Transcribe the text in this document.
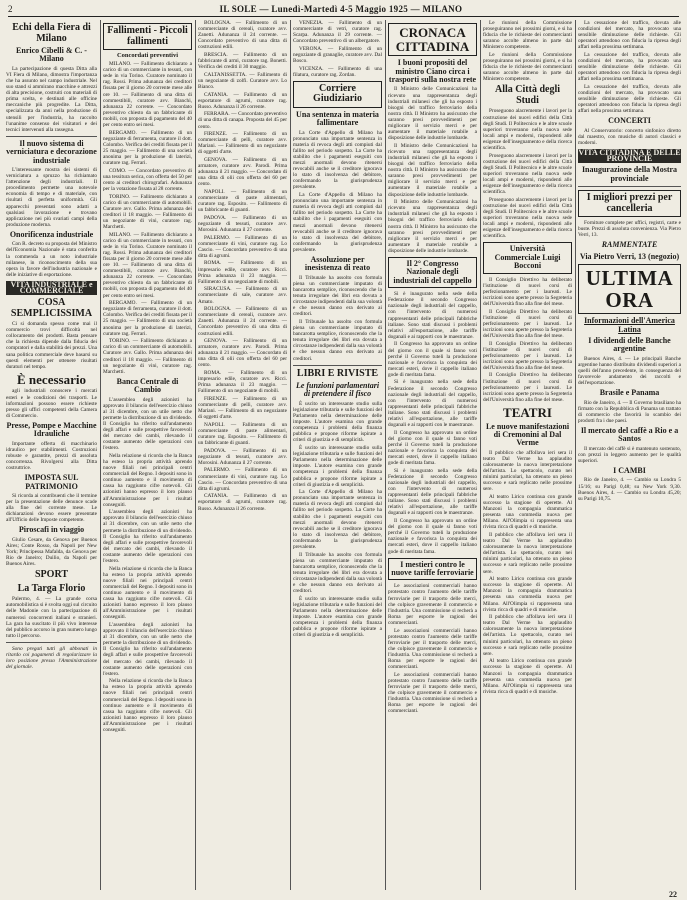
2	IL SOLE — Lunedì-Martedì 4-5 Maggio 1925 — MILANO
Echi della Fiera di Milano
Enrico Cibelli & C. - Milano

La partecipazione di questa Ditta alla VI Fiera di Milano, dimostra l'importanza che ha assunto nel campo industriale. Nel suo stand si ammirano macchine e attrezzi di alta precisione, costruiti con materiali di prima scelta, e destinati alle officine meccaniche più progredite. La Ditta, specializzata da anni nella produzione di utensili per l'industria, ha raccolto l'unanime consenso dei visitatori e dei tecnici intervenuti alla rassegna.

Il nuovo sistema di verniciatura e decorazione industriale

L'interessante mostra dei sistemi di verniciatura a spruzzo ha richiamato l'attenzione degli industriali. Il procedimento permette una notevole economia di tempo e di materiale, con risultati di perfetta uniformità. Gli apparecchi presentati sono adatti a qualsiasi lavorazione e trovano applicazione nei più svariati campi della produzione moderna.

Onorificenza industriale

Con R. decreto su proposta del Ministro dell'Economia Nazionale è stata conferita la commenda a un noto industriale milanese, in riconoscimento della sua opera in favore dell'industria nazionale e delle iniziative di esportazione.

VITA INDUSTRIALE e COMMERCIALE
COSA SEMPLICISSIMA

Ci si domanda spesso come mai il commercio trovi difficoltà nel collocamento dei prodotti. Basta pensare che la richiesta dipende dalla fiducia dei compratori e dalla stabilità dei prezzi. Una sana politica commerciale deve basarsi su questi elementi per ottenere risultati duraturi nel tempo.

È necessario

agli industriali conoscere i mercati esteri e le condizioni dei trasporti. Le informazioni possono essere richieste presso gli uffici competenti della Camera di Commercio.

Presse, Pompe e Macchine Idrauliche

Importante offerta di macchinario idraulico per stabilimenti. Costruzioni robuste e garantite, prezzi di assoluta concorrenza. Rivolgersi alla Ditta costruttrice.

IMPOSTA SUL PATRIMONIO

Si ricorda ai contribuenti che il termine per la presentazione delle denunce scade alla fine del corrente mese. Le dichiarazioni devono essere presentate all'Ufficio delle Imposte competente.

Piroscafi in viaggio

Giulio Cesare, da Genova per Buenos Aires; Conte Rosso, da Napoli per New York; Principessa Mafalda, da Genova per Rio de Janeiro; Duilio, da Napoli per Buenos Aires.

SPORT
La Targa Florio

Palermo, 4. — La grande corsa automobilistica si è svolta oggi sul circuito delle Madonie con la partecipazione di numerosi concorrenti italiani e stranieri. La gara ha suscitato il più vivo interesse del pubblico accorso in gran numero lungo tutto il percorso.

Sono pregati tutti gli abbonati in ritardo coi pagamenti di regolarizzare la loro posizione presso l'Amministrazione del giornale.

Fallimenti - Piccoli fallimenti
Concordati preventivi

MILANO. — Fallimento dichiarato a carico di un commerciante in tessuti, con sede in via Torino. Curatore nominato il rag. Rossi. Prima adunanza dei creditori fissata per il giorno 20 corrente mese alle ore 10. — Fallimento di una ditta di commestibili, curatore avv. Bianchi, adunanza 22 corrente. — Concordato preventivo chiesto da un fabbricante di mobili, con proposta di pagamento del 40 per cento entro sei mesi.

BERGAMO. — Fallimento di un negoziante di ferramenta, curatore il dott. Colombo. Verifica dei crediti fissata per il 25 maggio. — Fallimento di una società anonima per la produzione di laterizi, curatore rag. Ferrari.

COMO. — Concordato preventivo di una tessitura serica, con offerta del 50 per cento ai creditori chirografari. Adunanza per la votazione fissata al 28 corrente.

TORINO. — Fallimento dichiarato a carico di un commerciante di automobili. Curatore avv. Gallo. Prima adunanza dei creditori il 18 maggio. — Fallimento di un negoziante di vini, curatore rag. Marchetti.

MILANO. — Fallimento dichiarato a carico di un commerciante in tessuti, con sede in via Torino. Curatore nominato il rag. Rossi. Prima adunanza dei creditori fissata per il giorno 20 corrente mese alle ore 10. — Fallimento di una ditta di commestibili, curatore avv. Bianchi, adunanza 22 corrente. — Concordato preventivo chiesto da un fabbricante di mobili, con proposta di pagamento del 40 per cento entro sei mesi.

BERGAMO. — Fallimento di un negoziante di ferramenta, curatore il dott. Colombo. Verifica dei crediti fissata per il 25 maggio. — Fallimento di una società anonima per la produzione di laterizi, curatore rag. Ferrari.

TORINO. — Fallimento dichiarato a carico di un commerciante di automobili. Curatore avv. Gallo. Prima adunanza dei creditori il 18 maggio. — Fallimento di un negoziante di vini, curatore rag. Marchetti.

Banca Centrale di Cambio

L'assemblea degli azionisti ha approvato il bilancio dell'esercizio chiuso al 31 dicembre, con un utile netto che permette la distribuzione di un dividendo. Il Consiglio ha riferito sull'andamento degli affari e sulle prospettive favorevoli del mercato dei cambi, rilevando il costante aumento delle operazioni con l'estero.

Nella relazione si ricorda che la Banca ha esteso la propria attività aprendo nuove filiali nei principali centri commerciali del Regno. I depositi sono in continuo aumento e il movimento di cassa ha raggiunto cifre notevoli. Gli azionisti hanno espresso il loro plauso all'Amministrazione per i risultati conseguiti.

L'assemblea degli azionisti ha approvato il bilancio dell'esercizio chiuso al 31 dicembre, con un utile netto che permette la distribuzione di un dividendo. Il Consiglio ha riferito sull'andamento degli affari e sulle prospettive favorevoli del mercato dei cambi, rilevando il costante aumento delle operazioni con l'estero.

Nella relazione si ricorda che la Banca ha esteso la propria attività aprendo nuove filiali nei principali centri commerciali del Regno. I depositi sono in continuo aumento e il movimento di cassa ha raggiunto cifre notevoli. Gli azionisti hanno espresso il loro plauso all'Amministrazione per i risultati conseguiti.

L'assemblea degli azionisti ha approvato il bilancio dell'esercizio chiuso al 31 dicembre, con un utile netto che permette la distribuzione di un dividendo. Il Consiglio ha riferito sull'andamento degli affari e sulle prospettive favorevoli del mercato dei cambi, rilevando il costante aumento delle operazioni con l'estero.

Nella relazione si ricorda che la Banca ha esteso la propria attività aprendo nuove filiali nei principali centri commerciali del Regno. I depositi sono in continuo aumento e il movimento di cassa ha raggiunto cifre notevoli. Gli azionisti hanno espresso il loro plauso all'Amministrazione per i risultati conseguiti.

BOLOGNA. — Fallimento di un commerciante di cereali, curatore avv. Zanetti. Adunanza il 24 corrente. — Concordato preventivo di una ditta di costruzioni edili.

BRESCIA. — Fallimento di un fabbricante di armi, curatore rag. Bonetti. Verifica dei crediti il 30 maggio.

CALTANISSETTA. — Fallimento di un negoziante di zolfi. Curatore avv. Lo Bianco.

CATANIA. — Fallimento di un esportatore di agrumi, curatore rag. Russo. Adunanza il 26 corrente.

FERRARA. — Concordato preventivo di una ditta di canapa. Proposta del 45 per cento.

FIRENZE. — Fallimento di un commerciante di pelli, curatore avv. Mariani. — Fallimento di un negoziante di oggetti d'arte.

GENOVA. — Fallimento di un armatore, curatore avv. Parodi. Prima adunanza il 21 maggio. — Concordato di una ditta di olii con offerta del 60 per cento.

NAPOLI. — Fallimento di un commerciante di paste alimentari, curatore rag. Esposito. — Fallimento di un fabbricante di guanti.

PADOVA. — Fallimento di un negoziante di tessuti, curatore avv. Morosini. Adunanza il 27 corrente.

PALERMO. — Fallimento di un commerciante di vini, curatore rag. Lo Cascio. — Concordato preventivo di una ditta di agrumi.

ROMA. — Fallimento di un impresario edile, curatore avv. Ricci. Prima adunanza il 23 maggio. — Fallimento di un negoziante di mobili.

SIRACUSA. — Fallimento di un commerciante di sale, curatore avv. Amato.

BOLOGNA. — Fallimento di un commerciante di cereali, curatore avv. Zanetti. Adunanza il 24 corrente. — Concordato preventivo di una ditta di costruzioni edili.

GENOVA. — Fallimento di un armatore, curatore avv. Parodi. Prima adunanza il 21 maggio. — Concordato di una ditta di olii con offerta del 60 per cento.

ROMA. — Fallimento di un impresario edile, curatore avv. Ricci. Prima adunanza il 23 maggio. — Fallimento di un negoziante di mobili.

FIRENZE. — Fallimento di un commerciante di pelli, curatore avv. Mariani. — Fallimento di un negoziante di oggetti d'arte.

NAPOLI. — Fallimento di un commerciante di paste alimentari, curatore rag. Esposito. — Fallimento di un fabbricante di guanti.

PADOVA. — Fallimento di un negoziante di tessuti, curatore avv. Morosini. Adunanza il 27 corrente.

PALERMO. — Fallimento di un commerciante di vini, curatore rag. Lo Cascio. — Concordato preventivo di una ditta di agrumi.

CATANIA. — Fallimento di un esportatore di agrumi, curatore rag. Russo. Adunanza il 26 corrente.

VENEZIA. — Fallimento di un commerciante di vetri, curatore rag. Scarpa. Adunanza il 29 corrente. — Concordato preventivo di un albergatore.

VERONA. — Fallimento di un negoziante di granaglie, curatore avv. Dal Bosco.

VICENZA. — Fallimento di una filatura, curatore rag. Zordan.

Corriere Giudiziario
Una sentenza in materia fallimentare

La Corte d'Appello di Milano ha pronunciato una importante sentenza in materia di revoca degli atti compiuti dal fallito nel periodo sospetto. La Corte ha stabilito che i pagamenti eseguiti con mezzi anormali devono ritenersi revocabili anche se il creditore ignorava lo stato di insolvenza del debitore, confermando la giurisprudenza prevalente.

La Corte d'Appello di Milano ha pronunciato una importante sentenza in materia di revoca degli atti compiuti dal fallito nel periodo sospetto. La Corte ha stabilito che i pagamenti eseguiti con mezzi anormali devono ritenersi revocabili anche se il creditore ignorava lo stato di insolvenza del debitore, confermando la giurisprudenza prevalente.

Assoluzione per inesistenza di reato

Il Tribunale ha assolto con formula piena un commerciante imputato di bancarotta semplice, riconoscendo che la tenuta irregolare dei libri era dovuta a circostanze indipendenti dalla sua volontà e che nessun danno era derivato ai creditori.

Il Tribunale ha assolto con formula piena un commerciante imputato di bancarotta semplice, riconoscendo che la tenuta irregolare dei libri era dovuta a circostanze indipendenti dalla sua volontà e che nessun danno era derivato ai creditori.

LIBRI E RIVISTE
Le funzioni parlamentari di pretendere il fisco

È uscito un interessante studio sulla legislazione tributaria e sulle funzioni del Parlamento nella determinazione delle imposte. L'autore esamina con grande competenza i problemi della finanza pubblica e propone riforme ispirate a criteri di giustizia e di semplicità.

È uscito un interessante studio sulla legislazione tributaria e sulle funzioni del Parlamento nella determinazione delle imposte. L'autore esamina con grande competenza i problemi della finanza pubblica e propone riforme ispirate a criteri di giustizia e di semplicità.

La Corte d'Appello di Milano ha pronunciato una importante sentenza in materia di revoca degli atti compiuti dal fallito nel periodo sospetto. La Corte ha stabilito che i pagamenti eseguiti con mezzi anormali devono ritenersi revocabili anche se il creditore ignorava lo stato di insolvenza del debitore, confermando la giurisprudenza prevalente.

Il Tribunale ha assolto con formula piena un commerciante imputato di bancarotta semplice, riconoscendo che la tenuta irregolare dei libri era dovuta a circostanze indipendenti dalla sua volontà e che nessun danno era derivato ai creditori.

È uscito un interessante studio sulla legislazione tributaria e sulle funzioni del Parlamento nella determinazione delle imposte. L'autore esamina con grande competenza i problemi della finanza pubblica e propone riforme ispirate a criteri di giustizia e di semplicità.

CRONACA CITTADINA
I buoni propositi del ministro Ciano circa i trasporti sulla nostra rete

Il Ministro delle Comunicazioni ha ricevuto una rappresentanza degli industriali milanesi che gli ha esposto i bisogni del traffico ferroviario della nostra città. Il Ministro ha assicurato che saranno presi provvedimenti per migliorare il servizio merci e per aumentare il materiale rotabile a disposizione delle industrie lombarde.

Il Ministro delle Comunicazioni ha ricevuto una rappresentanza degli industriali milanesi che gli ha esposto i bisogni del traffico ferroviario della nostra città. Il Ministro ha assicurato che saranno presi provvedimenti per migliorare il servizio merci e per aumentare il materiale rotabile a disposizione delle industrie lombarde.

Il Ministro delle Comunicazioni ha ricevuto una rappresentanza degli industriali milanesi che gli ha esposto i bisogni del traffico ferroviario della nostra città. Il Ministro ha assicurato che saranno presi provvedimenti per migliorare il servizio merci e per aumentare il materiale rotabile a disposizione delle industrie lombarde.

Il 2° Congresso Nazionale degli industriali del cappello

Si è inaugurato nella sede della Federazione il secondo Congresso nazionale degli industriali del cappello, con l'intervento di numerosi rappresentanti delle principali fabbriche italiane. Sono stati discussi i problemi relativi all'esportazione, alle tariffe doganali e ai rapporti con le maestranze.

Il Congresso ha approvato un ordine del giorno con il quale si fanno voti perché il Governo tuteli la produzione nazionale e favorisca la conquista dei mercati esteri, dove il cappello italiano gode di meritata fama.

Si è inaugurato nella sede della Federazione il secondo Congresso nazionale degli industriali del cappello, con l'intervento di numerosi rappresentanti delle principali fabbriche italiane. Sono stati discussi i problemi relativi all'esportazione, alle tariffe doganali e ai rapporti con le maestranze.

Il Congresso ha approvato un ordine del giorno con il quale si fanno voti perché il Governo tuteli la produzione nazionale e favorisca la conquista dei mercati esteri, dove il cappello italiano gode di meritata fama.

Si è inaugurato nella sede della Federazione il secondo Congresso nazionale degli industriali del cappello, con l'intervento di numerosi rappresentanti delle principali fabbriche italiane. Sono stati discussi i problemi relativi all'esportazione, alle tariffe doganali e ai rapporti con le maestranze.

Il Congresso ha approvato un ordine del giorno con il quale si fanno voti perché il Governo tuteli la produzione nazionale e favorisca la conquista dei mercati esteri, dove il cappello italiano gode di meritata fama.

I mestieri contro le nuove tariffe ferroviarie

Le associazioni commerciali hanno protestato contro l'aumento delle tariffe ferroviarie per il trasporto delle merci, che colpisce gravemente il commercio e l'industria. Una commissione si recherà a Roma per esporre le ragioni dei commercianti.

Le associazioni commerciali hanno protestato contro l'aumento delle tariffe ferroviarie per il trasporto delle merci, che colpisce gravemente il commercio e l'industria. Una commissione si recherà a Roma per esporre le ragioni dei commercianti.

Le associazioni commerciali hanno protestato contro l'aumento delle tariffe ferroviarie per il trasporto delle merci, che colpisce gravemente il commercio e l'industria. Una commissione si recherà a Roma per esporre le ragioni dei commercianti.

Le riunioni della Commissione proseguiranno nei prossimi giorni, e si ha fiducia che le richieste dei commercianti saranno accolte almeno in parte dal Ministero competente.

Le riunioni della Commissione proseguiranno nei prossimi giorni, e si ha fiducia che le richieste dei commercianti saranno accolte almeno in parte dal Ministero competente.

Alla Città degli Studi

Proseguono alacremente i lavori per la costruzione dei nuovi edifici della Città degli Studi. Il Politecnico e le altre scuole superiori troveranno nella nuova sede locali ampi e moderni, rispondenti alle esigenze dell'insegnamento e della ricerca scientifica.

Proseguono alacremente i lavori per la costruzione dei nuovi edifici della Città degli Studi. Il Politecnico e le altre scuole superiori troveranno nella nuova sede locali ampi e moderni, rispondenti alle esigenze dell'insegnamento e della ricerca scientifica.

Proseguono alacremente i lavori per la costruzione dei nuovi edifici della Città degli Studi. Il Politecnico e le altre scuole superiori troveranno nella nuova sede locali ampi e moderni, rispondenti alle esigenze dell'insegnamento e della ricerca scientifica.

Università Commerciale Luigi Bocconi

Il Consiglio Direttivo ha deliberato l'istituzione di nuovi corsi di perfezionamento per i laureati. Le iscrizioni sono aperte presso la Segreteria dell'Università fino alla fine del mese.

Il Consiglio Direttivo ha deliberato l'istituzione di nuovi corsi di perfezionamento per i laureati. Le iscrizioni sono aperte presso la Segreteria dell'Università fino alla fine del mese.

Il Consiglio Direttivo ha deliberato l'istituzione di nuovi corsi di perfezionamento per i laureati. Le iscrizioni sono aperte presso la Segreteria dell'Università fino alla fine del mese.

Il Consiglio Direttivo ha deliberato l'istituzione di nuovi corsi di perfezionamento per i laureati. Le iscrizioni sono aperte presso la Segreteria dell'Università fino alla fine del mese.

TEATRI
Le nuove manifestazioni di Cremonini al Dal Verme

Il pubblico che affollava ieri sera il teatro Dal Verme ha applaudito calorosamente la nuova interpretazione dell'artista. Lo spettacolo, curato nei minimi particolari, ha ottenuto un pieno successo e sarà replicato nelle prossime sere.

Al teatro Lirico continua con grande successo la stagione di operette. Al Manzoni la compagnia drammatica presenta una commedia nuova per Milano. All'Olimpia si rappresenta una rivista ricca di quadri e di musiche.

Il pubblico che affollava ieri sera il teatro Dal Verme ha applaudito calorosamente la nuova interpretazione dell'artista. Lo spettacolo, curato nei minimi particolari, ha ottenuto un pieno successo e sarà replicato nelle prossime sere.

Al teatro Lirico continua con grande successo la stagione di operette. Al Manzoni la compagnia drammatica presenta una commedia nuova per Milano. All'Olimpia si rappresenta una rivista ricca di quadri e di musiche.

Il pubblico che affollava ieri sera il teatro Dal Verme ha applaudito calorosamente la nuova interpretazione dell'artista. Lo spettacolo, curato nei minimi particolari, ha ottenuto un pieno successo e sarà replicato nelle prossime sere.

Al teatro Lirico continua con grande successo la stagione di operette. Al Manzoni la compagnia drammatica presenta una commedia nuova per Milano. All'Olimpia si rappresenta una rivista ricca di quadri e di musiche.

La cessazione del traffico, dovuta alle condizioni del mercato, ha provocato una sensibile diminuzione delle richieste. Gli operatori attendono con fiducia la ripresa degli affari nella prossima settimana.

La cessazione del traffico, dovuta alle condizioni del mercato, ha provocato una sensibile diminuzione delle richieste. Gli operatori attendono con fiducia la ripresa degli affari nella prossima settimana.

La cessazione del traffico, dovuta alle condizioni del mercato, ha provocato una sensibile diminuzione delle richieste. Gli operatori attendono con fiducia la ripresa degli affari nella prossima settimana.

CONCERTI

Al Conservatorio: concerto sinfonico diretto dal maestro, con musiche di autori classici e moderni.

VITA CITTADINA E DELLE PROVINCIE
Inaugurazione della Mostra provinciale
I migliori prezzi per cancelleria

Forniture complete per uffici, registri, carte e buste. Prezzi di assoluta convenienza. Via Pietro Verri, 13.

RAMMENTATE
Via Pietro Verri, 13 (negozio)
ULTIMA ORA
Informazioni dell'America Latina
I dividendi delle Banche argentine

Buenos Aires, 4. — Le principali Banche argentine hanno distribuito dividendi superiori a quelli dell'anno precedente, in conseguenza del favorevole andamento dei raccolti e dell'esportazione.

Brasile e Panama

Rio de Janeiro, 4. — Il Governo brasiliano ha firmato con la Repubblica di Panama un trattato di commercio che favorirà lo scambio dei prodotti fra i due paesi.

Il mercato del caffè a Rio e a Santos

Il mercato del caffè si è mantenuto sostenuto, con prezzi in leggero aumento per le qualità superiori.

I CAMBI

Rio de Janeiro, 4. — Cambio su Londra 5 15/16; su Parigi 0,48; su New York 9,30. Buenos Aires, 4. — Cambio su Londra 45,20; su Parigi 10,75.

22
